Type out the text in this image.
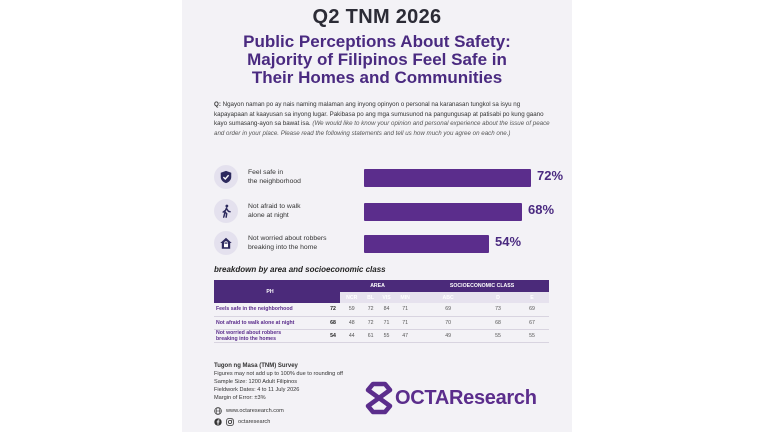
Q2 TNM 2026
Public Perceptions About Safety:
Majority of Filipinos Feel Safe in
Their Homes and Communities
Q: Ngayon naman po ay nais naming malaman ang inyong opinyon o personal na karanasan tungkol sa isyu ng kapayapaan at kaayusan sa inyong lugar. Pakibasa po ang mga sumusunod na pangungusap at patisabi po kung gaano kayo sumasang-ayon sa bawat isa. (We would like to know your opinion and personal experience about the issue of peace and order in your place. Please read the following statements and tell us how much you agree on each one.)
Feel safe in
the neighborhood	72%
Not afraid to walk
alone at night	68%
Not worried about robbers
breaking into the home	54%
breakdown by area and socioeconomic class
PH		AREA				SOCIOECONOMIC CLASS		
		NCR	BL	VIS	MIN	ABC	D	E

Feels safe in the neighborhood	72	59	72	84	71	69	73	69

Not afraid to walk alone at night	68	48	72	71	71	70	68	67

Not worried about robbers
breaking into the homes	54	44	61	55	47	49	55	55
Tugon ng Masa (TNM) Survey
Figures may not add up to 100% due to rounding off
Sample Size: 1200 Adult Filipinos
Fieldwork Dates: 4 to 11 July 2026
Margin of Error: ±3%
www.octaresearch.com
octaresearch
OCTAResearch
